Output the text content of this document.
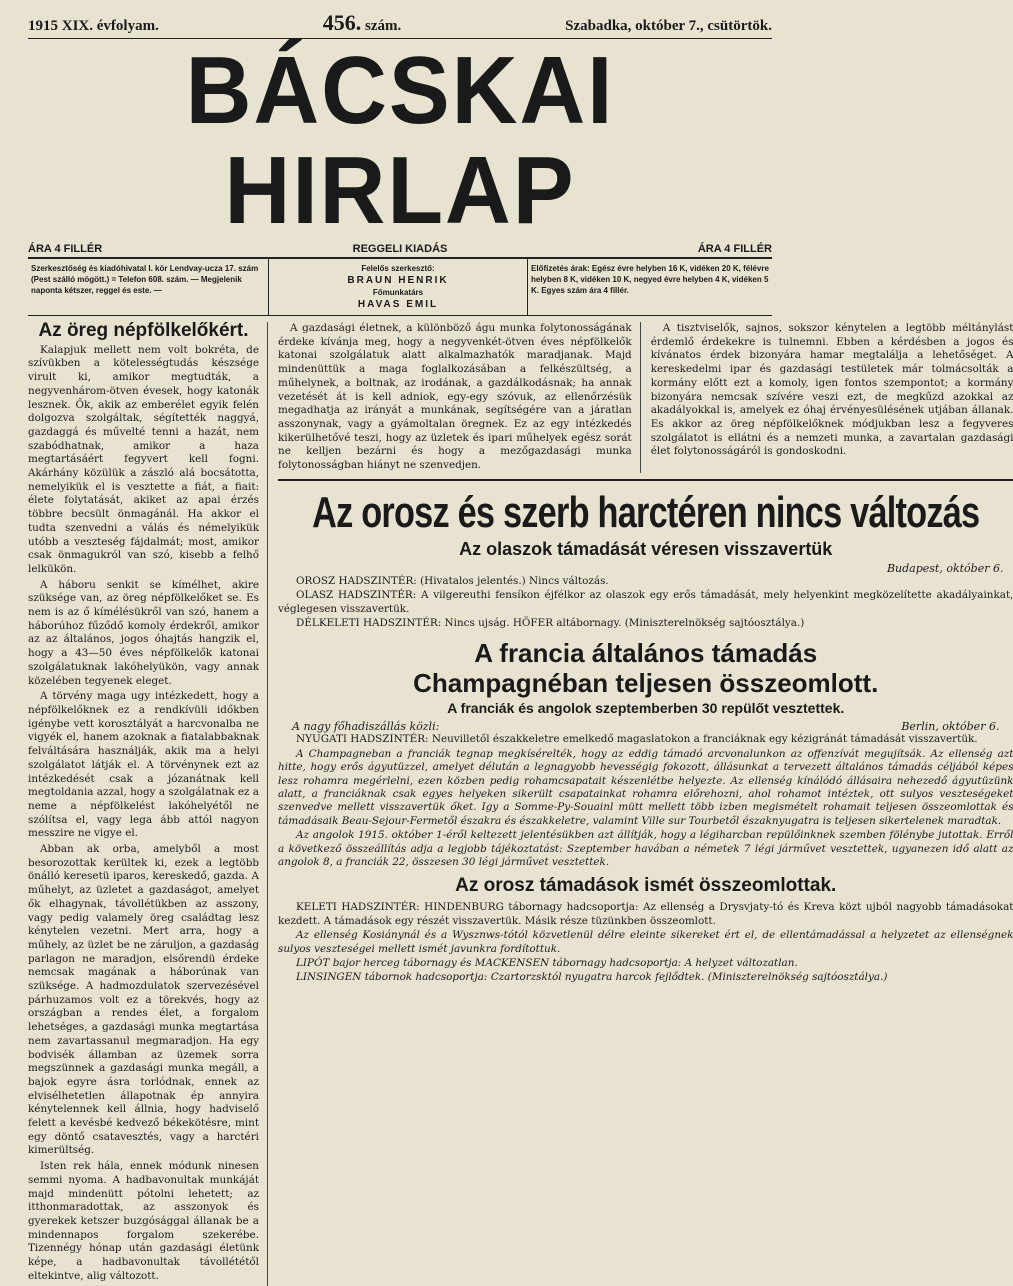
1915 XIX. évfolyam.	456. szám.	Szabadka, október 7., csütörtök.
BÁCSKAI HIRLAP
ÁRA 4 FILLÉR	REGGELI KIADÁS	ÁRA 4 FILLÉR
Szerkesztőség és kiadóhivatal I. kör Lendvay-ucza 17. szám (Pest szálló mögött.) = Telefon 608. szám. — Megjelenik naponta kétszer, reggel és este. —
Felelős szerkesztő:
BRAUN HENRIK
Főmunkatárs
HAVAS EMIL
Előfizetés árak: Egész évre helyben 16 K, vidéken 20 K, félévre helyben 8 K, vidéken 10 K, negyed évre helyben 4 K, vidéken 5 K. Egyes szám ára 4 fillér.
Az öreg népfölkelőkért.

Kalapjuk mellett nem volt bokréta, de szívükben a kötelességtudás készsége virult ki, amikor megtudták, a negyvenhárom-ötven évesek, hogy katonák lesznek. Ők, akik az emberélet egyik felén dolgozva szolgáltak, ségítették naggyá, gazdaggá és művelté tenni a hazát, nem szabódhatnak, amikor a haza megtartásáért fegyvert kell fogni. Akárhány közülük a zászló alá bocsátotta, nemelyikük el is vesztette a fiát, a fiait: élete folytatását, akiket az apai érzés többre becsült önmagánál. Ha akkor el tudta szenvedni a válás és némelyikük utóbb a veszteség fájdalmát; most, amikor csak önmagukról van szó, kisebb a felhő lelkükön.

A háboru senkit se kímélhet, akire szüksége van, az öreg népfölkelőket se. Es nem is az ő kímélésükről van szó, hanem a háborúhoz fűződő komoly érdekről, amikor az az általános, jogos óhajtás hangzik el, hogy a 43—50 éves népfölkelők katonai szolgálatuknak lakóhelyükön, vagy annak közelében tegyenek eleget.

A törvény maga ugy intézkedett, hogy a népfölkelőknek ez a rendkívüli időkben igénybe vett korosztályát a harcvonalba ne vigyék el, hanem azoknak a fiatalabbaknak felváltására használják, akik ma a helyi szolgálatot látják el. A törvénynek ezt az intézkedését csak a józanátnak kell megtoldania azzal, hogy a szolgálatnak ez a neme a népfölkelést lakóhelyétől ne szólítsa el, vagy lega ább attól nagyon messzire ne vigye el.

Abban ak orba, amelyből a most besorozottak kerültek ki, ezek a legtöbb önálló keresetü iparos, kereskedő, gazda. A műhelyt, az üzletet a gazdaságot, amelyet ők elhagynak, távollétükben az asszony, vagy pedig valamely öreg családtag lesz kénytelen vezetni. Mert arra, hogy a műhely, az üzlet be ne záruljon, a gazdaság parlagon ne maradjon, elsőrendü érdeke nemcsak magának a háborúnak van szüksége. A hadmozdulatok szervezésével párhuzamos volt ez a törekvés, hogy az országban a rendes élet, a forgalom lehetséges, a gazdasági munka megtartása nem zavartassanul megmaradjon. Ha egy bodvisék államban az üzemek sorra megszünnek a gazdasági munka megáll, a bajok egyre ásra torlódnak, ennek az elvisélhetetlen állapotnak ép annyira kénytelennek kell állnia, hogy hadviselő felett a kevésbé kedvező békekötésre, mint egy döntő csatavesztés, vagy a harctéri kimerültség.

Isten rek hála, ennek módunk ninesen semmi nyoma. A hadbavonultak munkáját majd mindenütt pótolni lehetett; az itthonmaradottak, az asszonyok és gyerekek ketszer buzgósággal állanak be a mindennapos forgalom szekerébe. Tizennégy hónap után gazdasági életünk képe, a hadbavonultak távollététől eltekintve, alig változott.

A gazdasági életnek, a különböző águ munka folytonosságának érdeke kívánja meg, hogy a negyvenkét-ötven éves népfölkelők katonai szolgálatuk alatt alkalmazhatók maradjanak. Majd mindenüttük a maga foglalkozásában a felkészültség, a műhelynek, a boltnak, az irodának, a gazdálkodásnak; ha annak vezetését át is kell adniok, egy-egy szóvuk, az ellenőrzésük megadhatja az irányát a munkának, segítségére van a járatlan asszonynak, vagy a gyámoltalan öregnek. Ez az egy intézkedés kikerülhetővé teszi, hogy az üzletek és ipari műhelyek egész sorát ne kelljen bezárni és hogy a mezőgazdasági munka folytonosságban hiányt ne szenvedjen.

A tisztviselők, sajnos, sokszor kénytelen a legtöbb méltánylást érdemlő érdekekre is tulnemni. Ebben a kérdésben a jogos és kívánatos érdek bizonyára hamar megtalálja a lehetőséget. A kereskedelmi ipar és gazdasági testületek már tolmácsolták a kormány előtt ezt a komoly, igen fontos szempontot; a kormány bizonyára nemcsak szívére veszi ezt, de megkűzd azokkal az akadályokkal is, amelyek ez óhaj érvényesülésének utjában állanak. Es akkor az öreg népfölkelőknek módjukban lesz a fegyveres szolgálatot is ellátni és a nemzeti munka, a zavartalan gazdasági élet folytonosságáról is gondoskodni.

Az orosz és szerb harctéren nincs változás
Az olaszok támadását véresen visszavertük
Budapest, október 6.

OROSZ HADSZINTÉR: (Hivatalos jelentés.) Nincs változás.

OLASZ HADSZINTÉR: A vilgereuthi fensíkon éjfélkor az olaszok egy erős támadását, mely helyenkint megközelítette akadályainkat, véglegesen visszavertük.

DÉLKELETI HADSZINTÉR: Nincs ujság. HÖFER altábornagy. (Miniszterelnökség sajtóosztálya.)

A francia általános támadás
Champagnéban teljesen összeomlott.
A franciák és angolok szeptemberben 30 repülőt vesztettek.
A nagy főhadiszállás közli:	Berlin, október 6.

NYUGATI HADSZINTÉR: Neuvilletől északkeletre emelkedő magaslatokon a franciáknak egy kézigránát támadását visszavertük.

A Champagneban a franciák tegnap megkísérelték, hogy az eddig támadó arcvonalunkon az offenzívát megujítsák. Az ellenség azt hitte, hogy erős ágyutüzzel, amelyet délután a legnagyobb hevességig fokozott, állásunkat a tervezett általános támadás céljából képes lesz rohamra megérlelni, ezen közben pedig rohamcsapatait készenlétbe helyezte. Az ellenség kínálódó állásaira nehezedő ágyutüzünk alatt, a franciáknak csak egyes helyeken sikerült csapatainkat rohamra előrehozni, ahol rohamot intéztek, ott sulyos veszteségeket szenvedve mellett visszavertük őket. Igy a Somme-Py-Souainl mütt mellett több izben megismételt rohamait teljesen összeomlottak és támadásaik Beau-Sejour-Fermetől északra és északkeletre, valamint Ville sur Tourbetől északnyugatra is teljesen sikertelenek maradtak.

Az angolok 1915. október 1-éről keltezett jelentésükben azt állítják, hogy a légiharcban repülőinknek szemben fölénybe jutottak. Erről a következő összeállítás adja a legjobb tájékoztatást: Szeptember havában a németek 7 légi járművet vesztettek, ugyanezen idő alatt az angolok 8, a franciák 22, összesen 30 légi járművet vesztettek.

Az orosz támadások ismét összeomlottak.

KELETI HADSZINTÉR: HINDENBURG tábornagy hadcsoportja: Az ellenség a Drysvjaty-tó és Kreva közt ujból nagyobb támadásokat kezdett. A támadások egy részét visszavertük. Másik része tüzünkben összeomlott.

Az ellenség Kosiánynál és a Wysznws-tótól közvetlenül délre eleinte sikereket ért el, de ellentámadással a helyzetet az ellenségnek sulyos veszteségei mellett ismét javunkra fordítottuk.

LIPÓT bajor herceg tábornagy és MACKENSEN tábornagy hadcsoportja: A helyzet változatlan.

LINSINGEN tábornok hadcsoportja: Czartorzsktól nyugatra harcok fejlődtek. (Miniszterelnökség sajtóosztálya.)
